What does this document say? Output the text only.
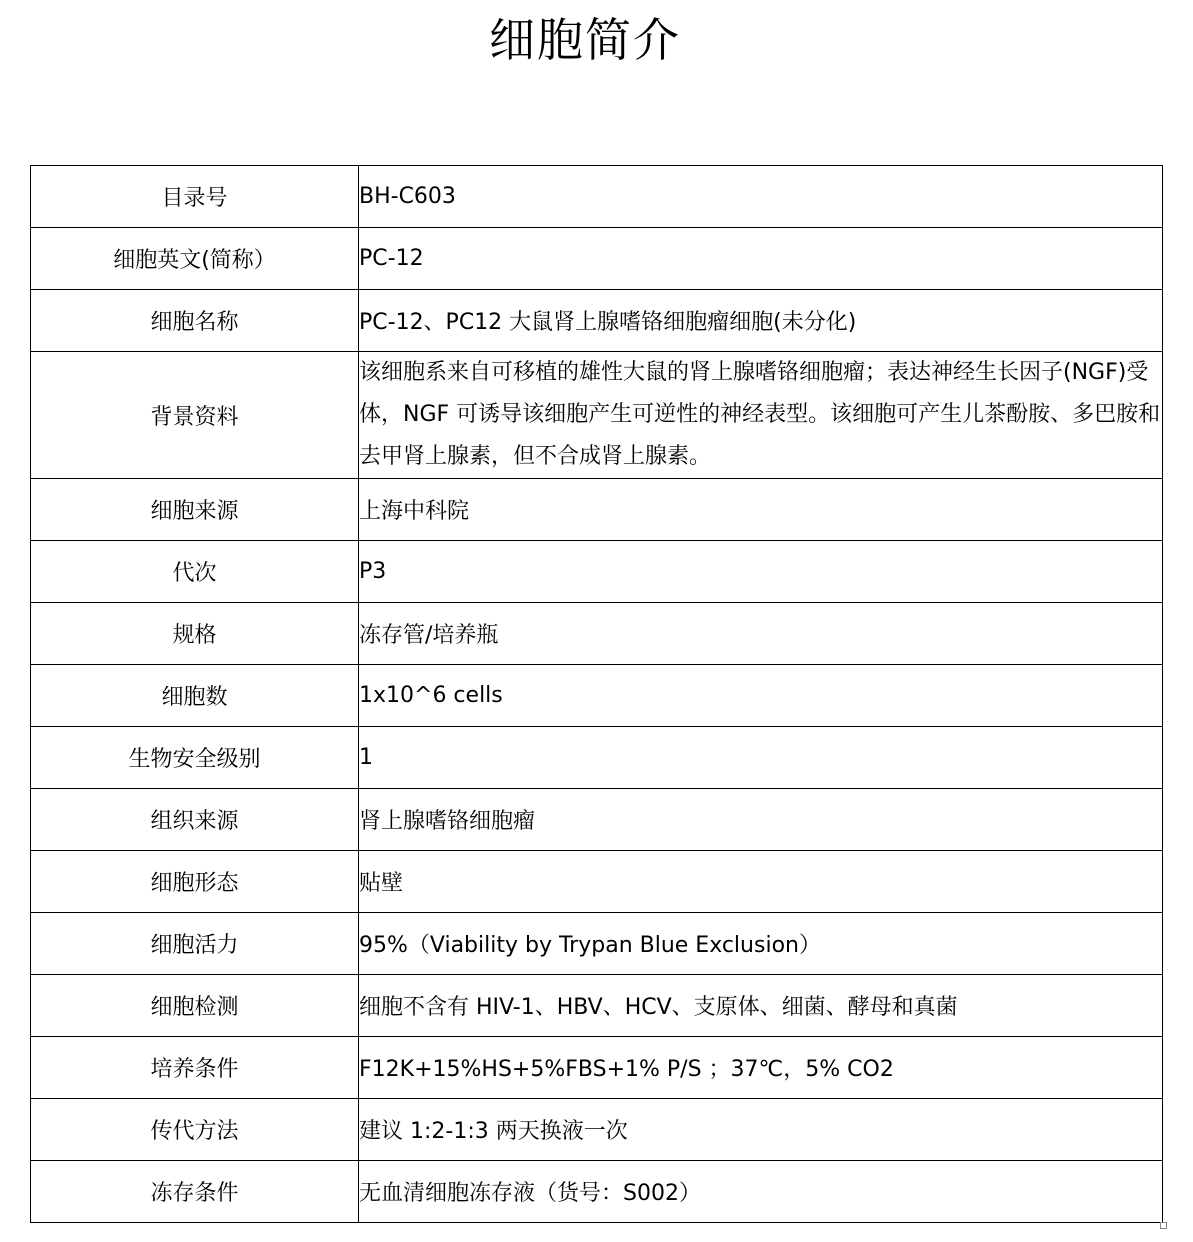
细胞简介
目录号	BH-C603
细胞英文(简称）	PC-12
细胞名称	PC-12、PC12 大鼠肾上腺嗜铬细胞瘤细胞(未分化)
背景资料	该细胞系来自可移植的雄性大鼠的肾上腺嗜铬细胞瘤；表达神经生长因子(NGF)受体，NGF 可诱导该细胞产生可逆性的神经表型。该细胞可产生儿茶酚胺、多巴胺和去甲肾上腺素，但不合成肾上腺素。
细胞来源	上海中科院
代次	P3
规格	冻存管/培养瓶
细胞数	1x10^6 cells
生物安全级别	1
组织来源	肾上腺嗜铬细胞瘤
细胞形态	贴壁
细胞活力	95%（Viability by Trypan Blue Exclusion）
细胞检测	细胞不含有 HIV-1、HBV、HCV、支原体、细菌、酵母和真菌
培养条件	F12K+15%HS+5%FBS+1% P/S ；37℃，5% CO2
传代方法	建议 1:2-1:3 两天换液一次
冻存条件	无血清细胞冻存液（货号：S002）
